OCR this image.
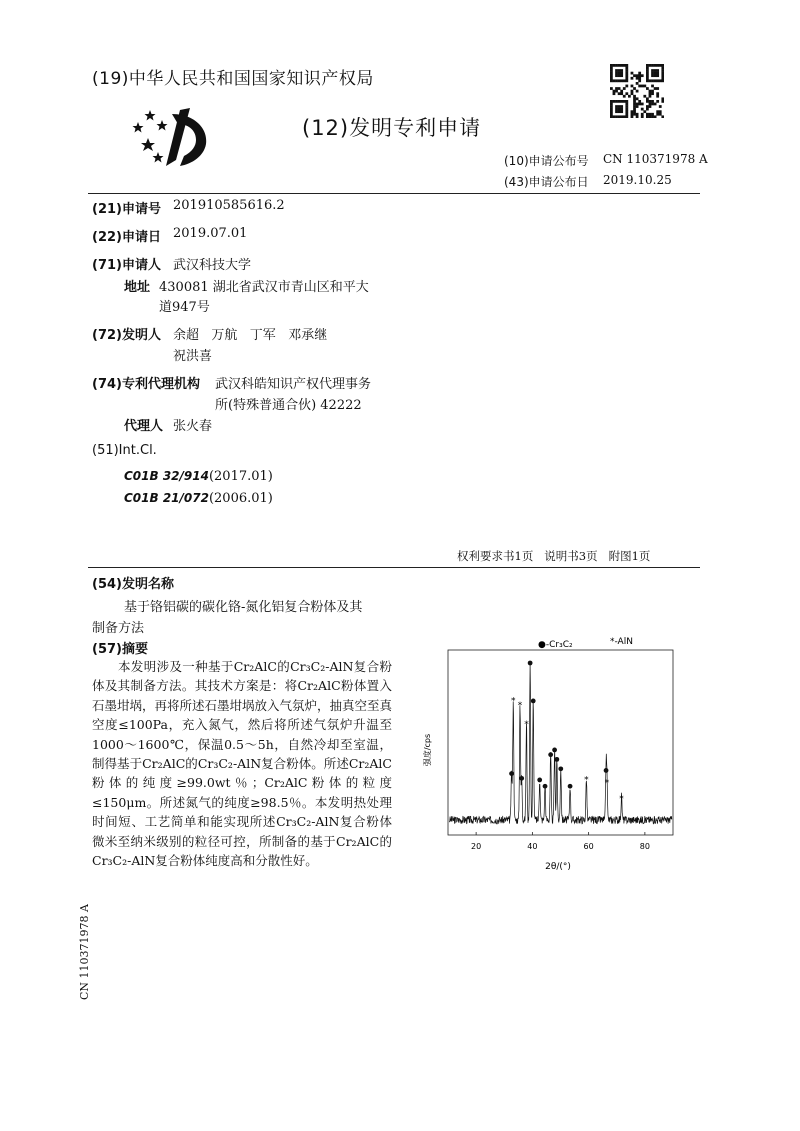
(19)中华人民共和国国家知识产权局
(12)发明专利申请
(10)申请公布号 CN 110371978 A
(43)申请公布日 2019.10.25
(21)申请号 201910585616.2
(22)申请日 2019.07.01
(71)申请人 武汉科技大学
地址 430081 湖北省武汉市青山区和平大
道947号
(72)发明人 余超   万航   丁军   邓承继
祝洪喜
(74)专利代理机构 武汉科皓知识产权代理事务
所(特殊普通合伙) 42222
代理人 张火春
(51)Int.Cl.
C01B 32/914(2017.01)
C01B 21/072(2006.01)
权利要求书1页   说明书3页   附图1页
(54)发明名称
基于铬铝碳的碳化铬-氮化铝复合粉体及其
制备方法
(57)摘要
本发明涉及一种基于Cr₂AlC的Cr₃C₂-AlN复合粉体及其制备方法。其技术方案是：将Cr₂AlC粉体置入石墨坩埚，再将所述石墨坩埚放入气氛炉，抽真空至真空度≤100Pa，充入氮气，然后将所述气氛炉升温至1000～1600℃，保温0.5～5h，自然冷却至室温，制得基于Cr₂AlC的Cr₃C₂-AlN复合粉体。所述Cr₂AlC粉体的纯度≥99.0wt％；Cr₂AlC粉体的粒度≤150μm。所述氮气的纯度≥98.5％。本发明热处理时间短、工艺简单和能实现所述Cr₃C₂-AlN复合粉体微米至纳米级别的粒径可控，所制备的基于Cr₂AlC的Cr₃C₂-AlN复合粉体纯度高和分散性好。
* *
*
* *
*
20	40	60	80
●-Cr₃C₂	*-AlN
强度/cps
2θ/(°)
CN 110371978 A
